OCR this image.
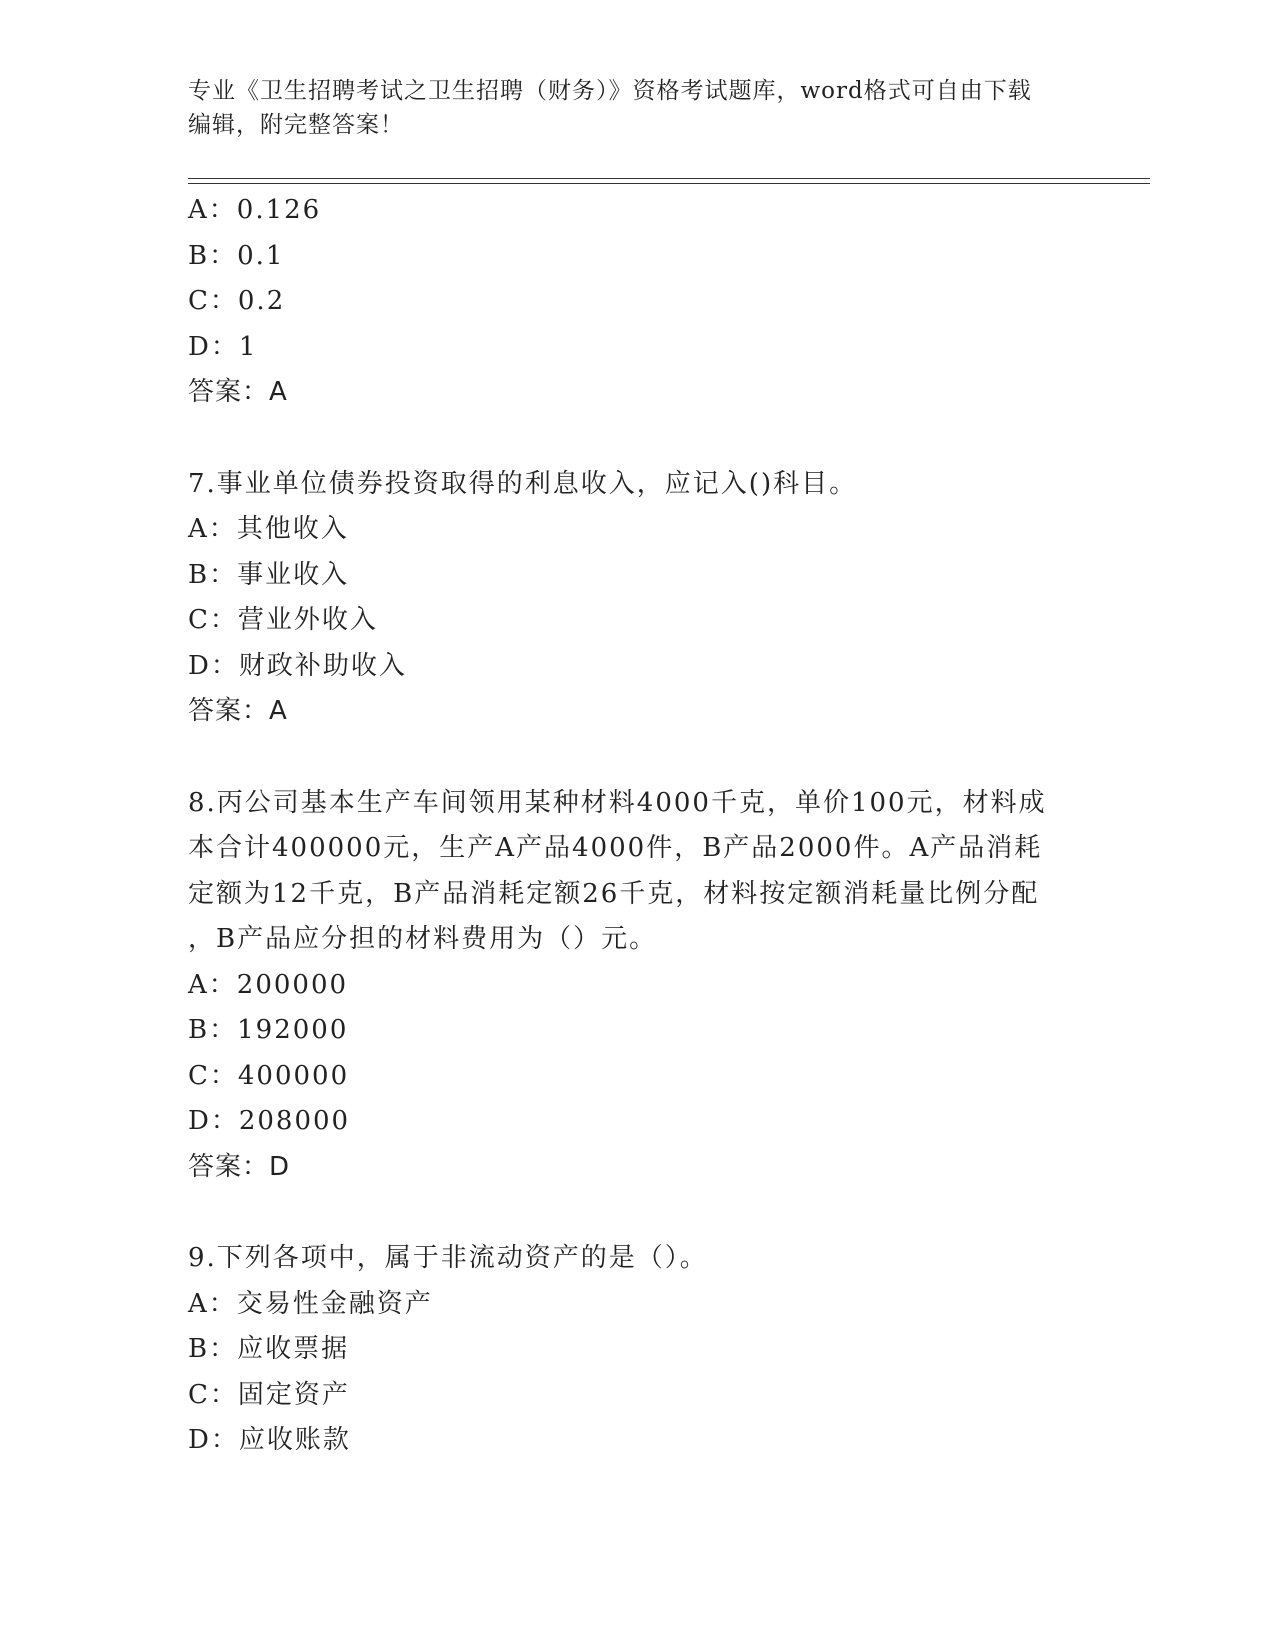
专业《卫生招聘考试之卫生招聘（财务）》资格考试题库，word格式可自由下载
编辑，附完整答案！
A：0.126
B：0.1
C：0.2
D：1
答案：A
7.事业单位债券投资取得的利息收入，应记入()科目。
A：其他收入
B：事业收入
C：营业外收入
D：财政补助收入
答案：A
8.丙公司基本生产车间领用某种材料4000千克，单价100元，材料成
本合计400000元，生产A产品4000件，B产品2000件。A产品消耗
定额为12千克，B产品消耗定额26千克，材料按定额消耗量比例分配
，B产品应分担的材料费用为（）元。
A：200000
B：192000
C：400000
D：208000
答案：D
9.下列各项中，属于非流动资产的是（）。
A：交易性金融资产
B：应收票据
C：固定资产
D：应收账款
